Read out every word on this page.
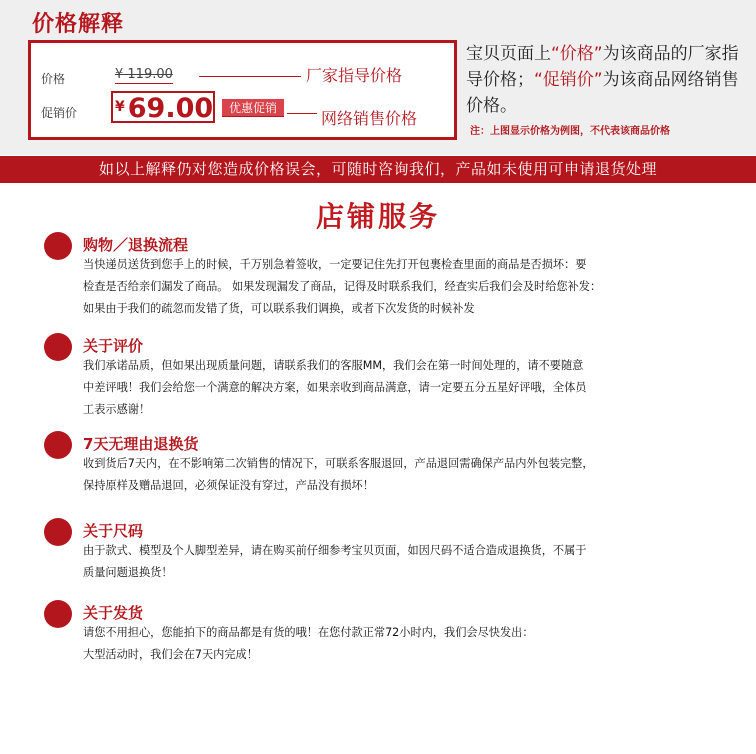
价格解释
价格	¥ 119.00	厂家指导价格
促销价	¥ 69.00	优惠促销
网络销售价格
宝贝页面上“价格”为该商品的厂家指导价格；“促销价”为该商品网络销售价格。
注：上图显示价格为例图，不代表该商品价格
如以上解释仍对您造成价格误会，可随时咨询我们，产品如未使用可申请退货处理
店铺服务
购物／退换流程

当快递员送货到您手上的时候，千万别急着签收，一定要记住先打开包裹检查里面的商品是否损坏：要

检查是否给亲们漏发了商品。 如果发现漏发了商品，记得及时联系我们，经查实后我们会及时给您补发：

如果由于我们的疏忽而发错了货，可以联系我们调换，或者下次发货的时候补发

关于评价

我们承诺品质，但如果出现质量问题，请联系我们的客服MM，我们会在第一时间处理的，请不要随意

中差评哦！我们会给您一个满意的解决方案，如果亲收到商品满意，请一定要五分五星好评哦，全体员

工表示感谢！

7天无理由退换货

收到货后7天内，在不影响第二次销售的情况下，可联系客服退回，产品退回需确保产品内外包装完整，

保持原样及赠品退回，必须保证没有穿过，产品没有损坏！

关于尺码

由于款式、模型及个人脚型差异，请在购买前仔细参考宝贝页面，如因尺码不适合造成退换货，不属于

质量问题退换货！

关于发货

请您不用担心，您能拍下的商品都是有货的哦！在您付款正常72小时内，我们会尽快发出：

大型活动时，我们会在7天内完成！
